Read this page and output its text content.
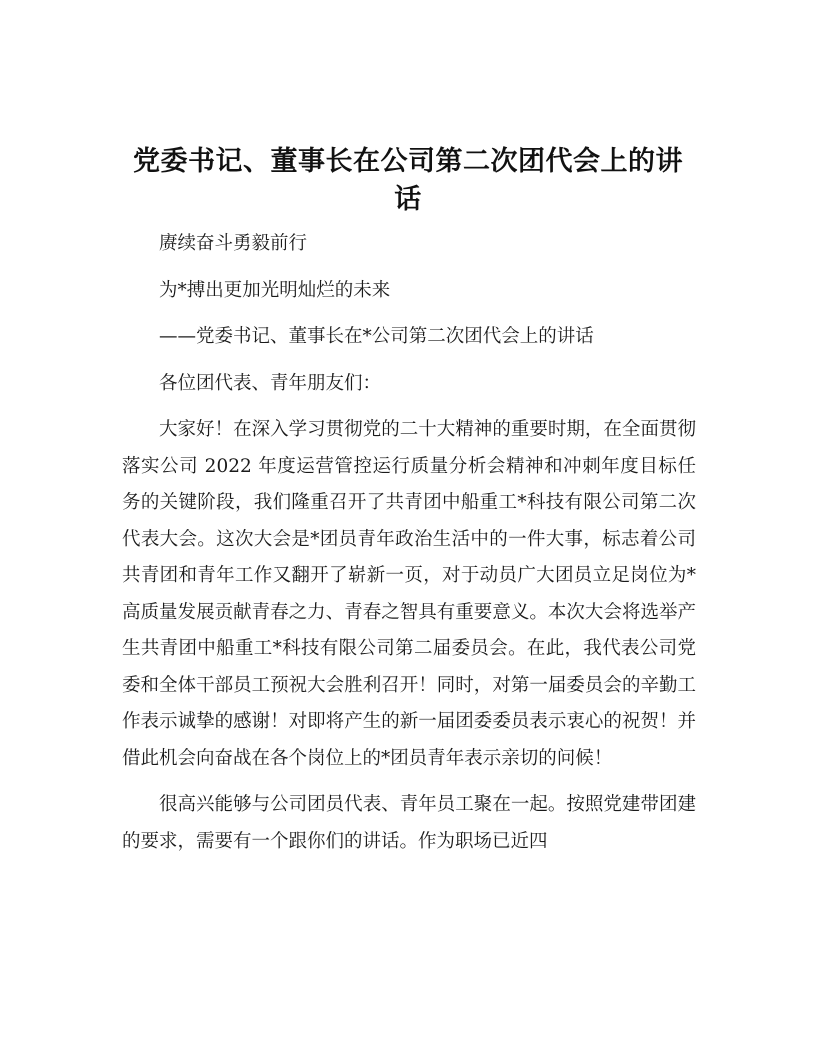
党委书记、董事长在公司第二次团代会上的讲话

赓续奋斗勇毅前行

为*搏出更加光明灿烂的未来

——党委书记、董事长在*公司第二次团代会上的讲话

各位团代表、青年朋友们：

大家好！在深入学习贯彻党的二十大精神的重要时期，在全面贯彻落实公司 2022 年度运营管控运行质量分析会精神和冲刺年度目标任务的关键阶段，我们隆重召开了共青团中船重工*科技有限公司第二次代表大会。这次大会是*团员青年政治生活中的一件大事，标志着公司共青团和青年工作又翻开了崭新一页，对于动员广大团员立足岗位为*高质量发展贡献青春之力、青春之智具有重要意义。本次大会将选举产生共青团中船重工*科技有限公司第二届委员会。在此，我代表公司党委和全体干部员工预祝大会胜利召开！同时，对第一届委员会的辛勤工作表示诚挚的感谢！对即将产生的新一届团委委员表示衷心的祝贺！并借此机会向奋战在各个岗位上的*团员青年表示亲切的问候！

很高兴能够与公司团员代表、青年员工聚在一起。按照党建带团建的要求，需要有一个跟你们的讲话。作为职场已近四
